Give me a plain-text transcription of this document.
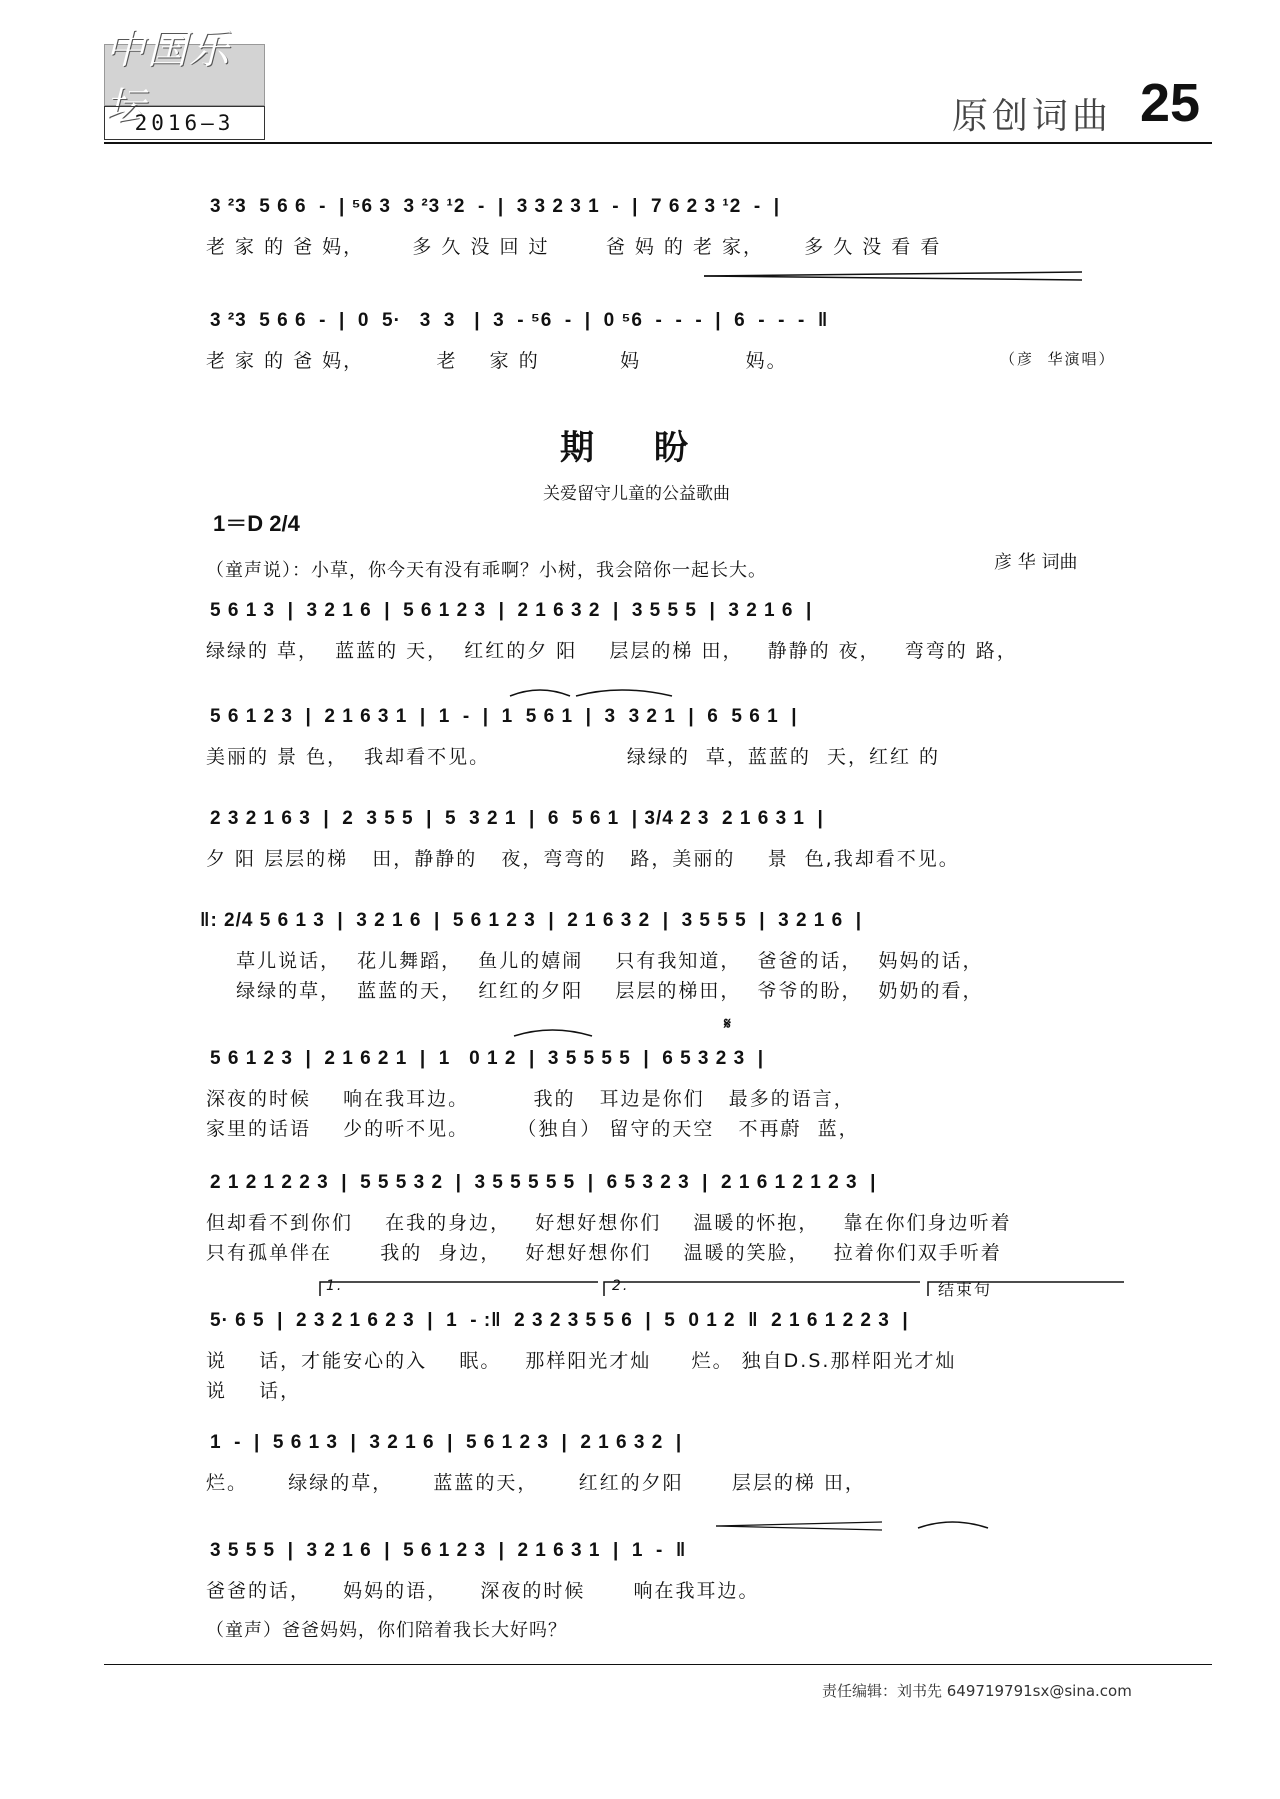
中国乐坛
2016—3	原创词曲 25
3 ²3  5 6 6  -  | ⁵6 3  3 ²3 ¹2  -  |  3 3 2 3 1  -  |  7 6 2 3 ¹2  -  |
老 家 的 爸 妈，      多 久 没 回 过       爸 妈 的 老 家，     多 久 没 看 看
3 ²3  5 6 6  -  |  0  5·   3  3   |  3  - ⁵6  -  |  0 ⁵6  -  -  -  |  6  -  -  -  ‖
老 家 的 爸 妈，         老    家 的          妈             妈。	（彦  华演唱）
期盼
关爱留守儿童的公益歌曲
1＝D 2/4
（童声说）：小草，你今天有没有乖啊？小树，我会陪你一起长大。	彦 华 词曲
5 6 1 3  |  3 2 1 6  |  5 6 1 2 3  |  2 1 6 3 2  |  3 5 5 5  |  3 2 1 6  |
绿绿的 草，  蓝蓝的 天，  红红的夕 阳    层层的梯 田，   静静的 夜，   弯弯的 路，
5 6 1 2 3  |  2 1 6 3 1  |  1  -  |  1  5 6 1  |  3  3 2 1  |  6  5 6 1  |
美丽的 景 色，  我却看不见。                 绿绿的  草，蓝蓝的  天，红红 的
2 3 2 1 6 3  |  2  3 5 5  |  5  3 2 1  |  6  5 6 1  | 3/4 2 3  2 1 6 3 1  |
夕 阳 层层的梯   田，静静的   夜，弯弯的   路，美丽的    景  色,我却看不见。
‖: 2/4 5 6 1 3  |  3 2 1 6  |  5 6 1 2 3  |  2 1 6 3 2  |  3 5 5 5  |  3 2 1 6  |
草儿说话，  花儿舞蹈，  鱼儿的嬉闹    只有我知道，  爸爸的话，  妈妈的话，
绿绿的草，  蓝蓝的天，  红红的夕阳    层层的梯田，  爷爷的盼，  奶奶的看，
𝄋
5 6 1 2 3  |  2 1 6 2 1  |  1   0 1 2  |  3 5 5 5 5  |  6 5 3 2 3  |
深夜的时候    响在我耳边。        我的   耳边是你们   最多的语言，
家里的话语    少的听不见。      （独自） 留守的天空   不再蔚  蓝，
2 1 2 1 2 2 3  |  5 5 5 3 2  |  3 5 5 5 5 5  |  6 5 3 2 3  |  2 1 6 1 2 1 2 3  |
但却看不到你们    在我的身边，   好想好想你们    温暖的怀抱，   靠在你们身边听着
只有孤单伴在      我的  身边，   好想好想你们    温暖的笑脸，   拉着你们双手听着
1.	2.	结束句
5· 6 5  |  2 3 2 1 6 2 3  |  1  - :‖  2 3 2 3 5 5 6  |  5  0 1 2  ‖  2 1 6 1 2 2 3  |
说    话，才能安心的入    眠。   那样阳光才灿     烂。 独自D.S.那样阳光才灿
说    话，
1  -  |  5 6 1 3  |  3 2 1 6  |  5 6 1 2 3  |  2 1 6 3 2  |
烂。     绿绿的草，     蓝蓝的天，     红红的夕阳      层层的梯 田，
3 5 5 5  |  3 2 1 6  |  5 6 1 2 3  |  2 1 6 3 1  |  1  -  ‖
爸爸的话，    妈妈的语，    深夜的时候      响在我耳边。
（童声）爸爸妈妈，你们陪着我长大好吗？
责任编辑：刘书先 649719791sx@sina.com
